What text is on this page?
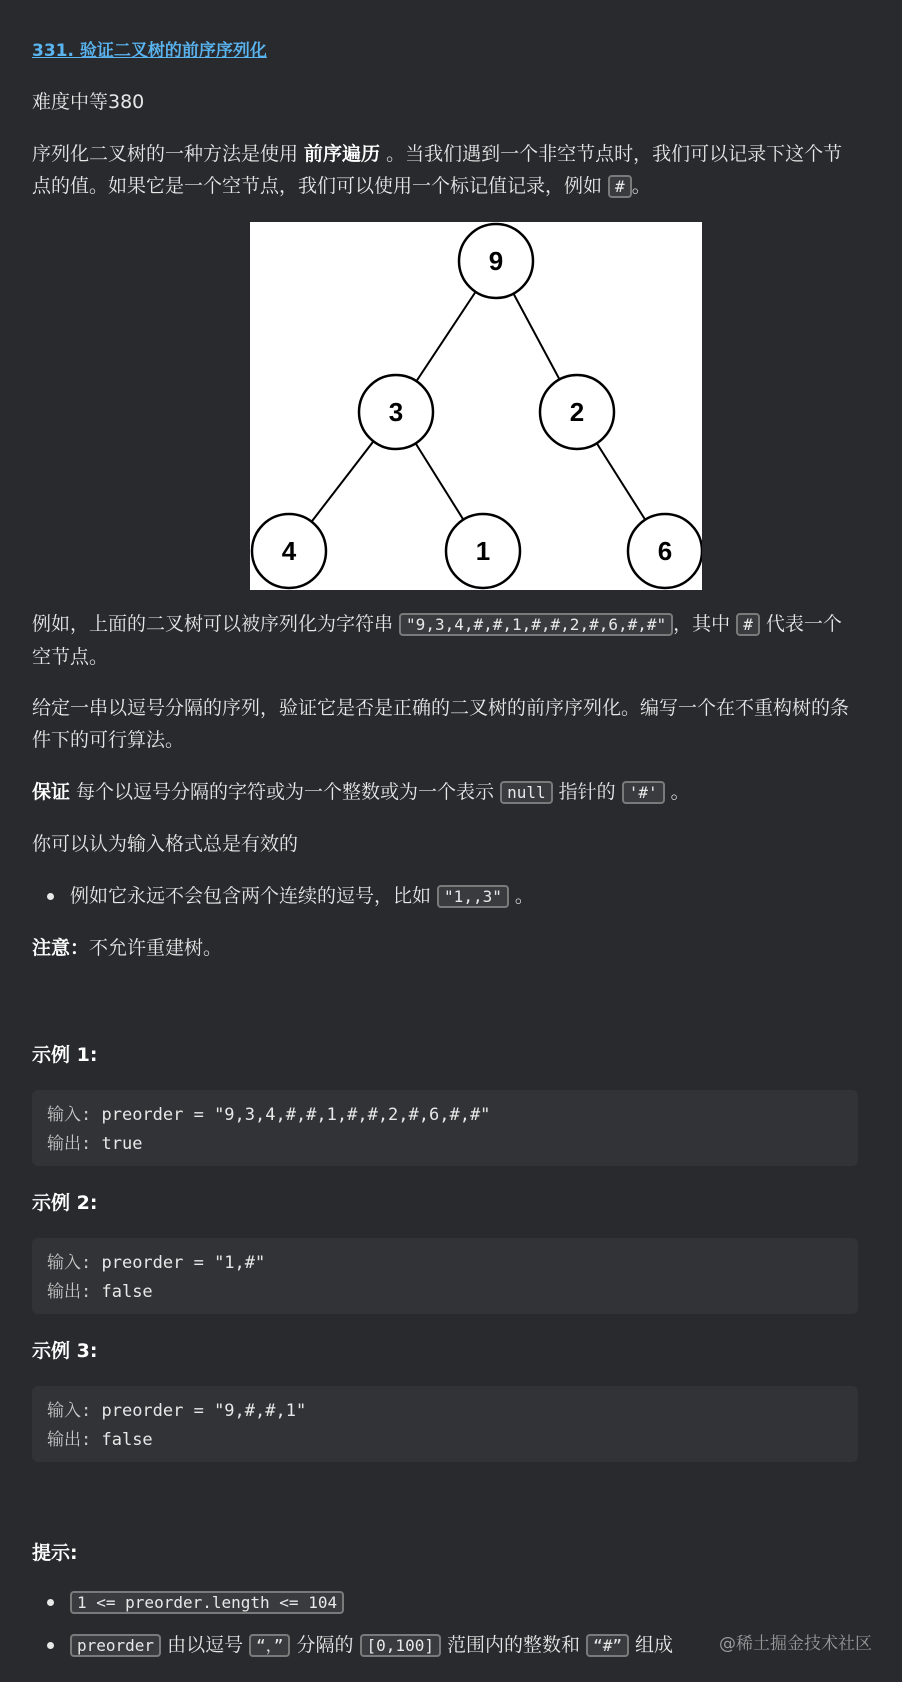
331. 验证二叉树的前序序列化
难度中等380
序列化二叉树的一种方法是使用 前序遍历 。当我们遇到一个非空节点时，我们可以记录下这个节点的值。如果它是一个空节点，我们可以使用一个标记值记录，例如 # 。
9
3	2
4	1	6
例如，上面的二叉树可以被序列化为字符串 "9,3,4,#,#,1,#,#,2,#,6,#,#" ，其中 # 代表一个空节点。
给定一串以逗号分隔的序列，验证它是否是正确的二叉树的前序序列化。编写一个在不重构树的条件下的可行算法。
保证 每个以逗号分隔的字符或为一个整数或为一个表示 null 指针的 '#' 。
你可以认为输入格式总是有效的
例如它永远不会包含两个连续的逗号，比如 "1,,3" 。
注意：不允许重建树。
示例 1:
输入: preorder = "9,3,4,#,#,1,#,#,2,#,6,#,#"
输出: true
示例 2:
输入: preorder = "1,#"
输出: false
示例 3:
输入: preorder = "9,#,#,1"
输出: false
提示:
1 <= preorder.length <= 104
preorder 由以逗号 “，” 分隔的 [0,100] 范围内的整数和 “#” 组成	@稀土掘金技术社区
